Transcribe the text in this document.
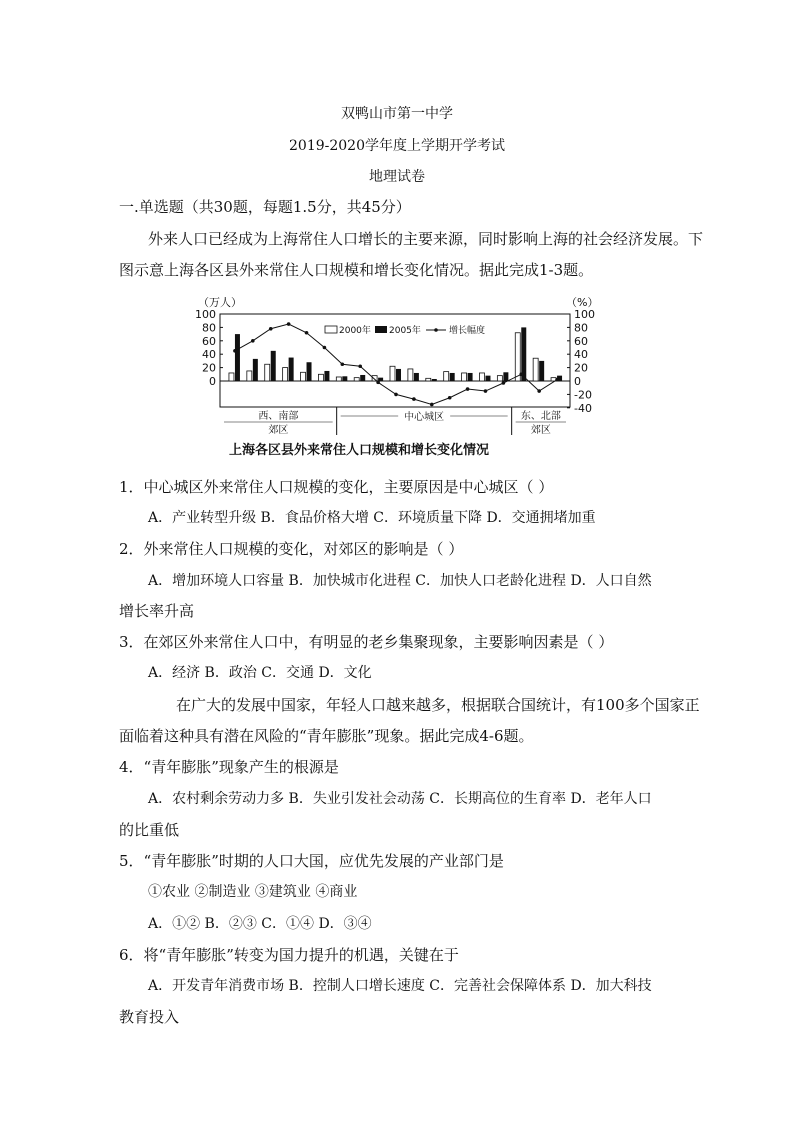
双鸭山市第一中学
2019-2020学年度上学期开学考试
地理试卷
一.单选题（共30题，每题1.5分，共45分）
外来人口已经成为上海常住人口增长的主要来源，同时影响上海的社会经济发展。下
图示意上海各区县外来常住人口规模和增长变化情况。据此完成1-3题。
（万人）	（%）
100
80
60
40
20
0
100
80
60
40
20
0
-20
-40
2000年 2005年	增长幅度
西、南部
郊区
中心城区	东、北部
郊区
上海各区县外来常住人口规模和增长变化情况
1．中心城区外来常住人口规模的变化，主要原因是中心城区（ ）
A．产业转型升级 B．食品价格大增 C．环境质量下降 D．交通拥堵加重
2．外来常住人口规模的变化，对郊区的影响是（ ）
A．增加环境人口容量 B．加快城市化进程 C．加快人口老龄化进程 D．人口自然
增长率升高
3．在郊区外来常住人口中，有明显的老乡集聚现象，主要影响因素是（ ）
A．经济 B．政治 C．交通 D．文化
在广大的发展中国家，年轻人口越来越多，根据联合国统计，有100多个国家正
面临着这种具有潜在风险的“青年膨胀”现象。据此完成4-6题。
4．“青年膨胀”现象产生的根源是
A．农村剩余劳动力多 B．失业引发社会动荡 C．长期高位的生育率 D．老年人口
的比重低
5．“青年膨胀”时期的人口大国，应优先发展的产业部门是
①农业 ②制造业 ③建筑业 ④商业
A．①② B．②③ C．①④ D．③④
6．将“青年膨胀”转变为国力提升的机遇，关键在于
A．开发青年消费市场 B．控制人口增长速度 C．完善社会保障体系 D．加大科技
教育投入
